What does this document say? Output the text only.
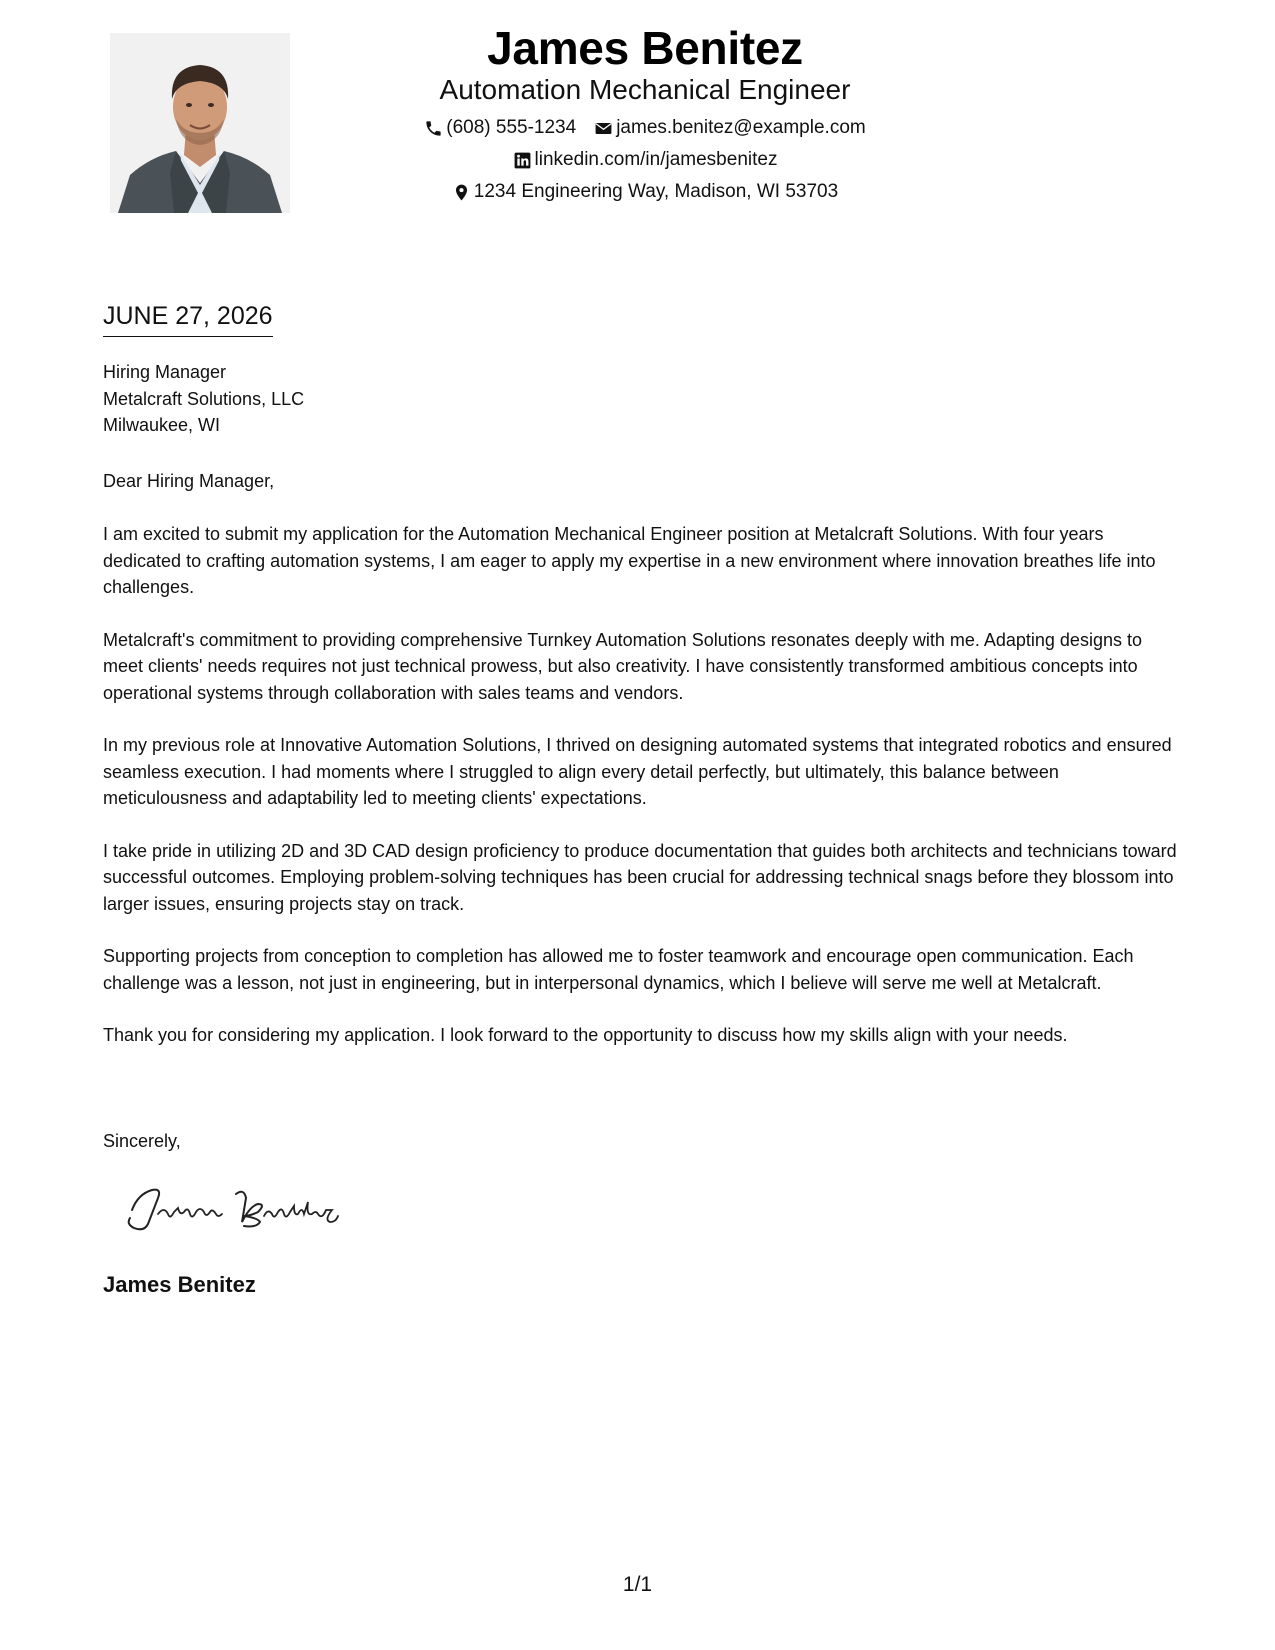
James Benitez
Automation Mechanical Engineer
(608) 555-1234 james.benitez@example.com
linkedin.com/in/jamesbenitez
1234 Engineering Way, Madison, WI 53703
JUNE 27, 2026
Hiring Manager
Metalcraft Solutions, LLC
Milwaukee, WI
Dear Hiring Manager,

I am excited to submit my application for the Automation Mechanical Engineer position at Metalcraft Solutions. With four years dedicated to crafting automation systems, I am eager to apply my expertise in a new environment where innovation breathes life into challenges.

Metalcraft's commitment to providing comprehensive Turnkey Automation Solutions resonates deeply with me. Adapting designs to meet clients' needs requires not just technical prowess, but also creativity. I have consistently transformed ambitious concepts into operational systems through collaboration with sales teams and vendors.

In my previous role at Innovative Automation Solutions, I thrived on designing automated systems that integrated robotics and ensured seamless execution. I had moments where I struggled to align every detail perfectly, but ultimately, this balance between meticulousness and adaptability led to meeting clients' expectations.

I take pride in utilizing 2D and 3D CAD design proficiency to produce documentation that guides both architects and technicians toward successful outcomes. Employing problem-solving techniques has been crucial for addressing technical snags before they blossom into larger issues, ensuring projects stay on track.

Supporting projects from conception to completion has allowed me to foster teamwork and encourage open communication. Each challenge was a lesson, not just in engineering, but in interpersonal dynamics, which I believe will serve me well at Metalcraft.

Thank you for considering my application. I look forward to the opportunity to discuss how my skills align with your needs.

Sincerely,
James Benitez
1/1
